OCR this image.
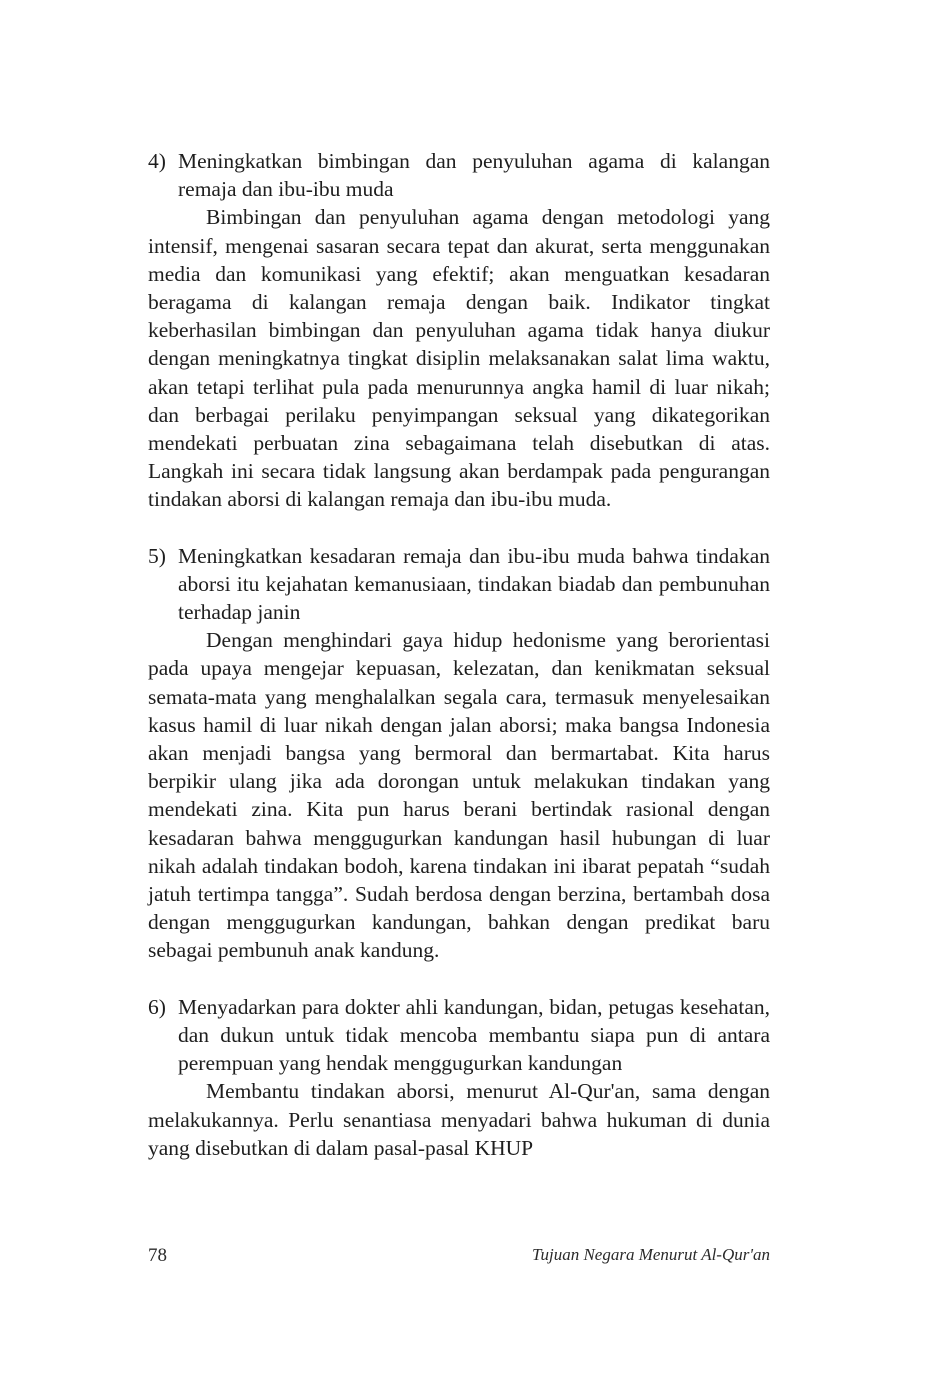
4) Meningkatkan bimbingan dan penyuluhan agama di kalangan remaja dan ibu-ibu muda

Bimbingan dan penyuluhan agama dengan metodologi yang intensif, mengenai sasaran secara tepat dan akurat, serta menggunakan media dan komunikasi yang efektif; akan menguatkan kesadaran beragama di kalangan remaja dengan baik. Indikator tingkat keberhasilan bimbingan dan penyuluhan agama tidak hanya diukur dengan meningkatnya tingkat disiplin melaksanakan salat lima waktu, akan tetapi terlihat pula pada menurunnya angka hamil di luar nikah; dan berbagai perilaku penyimpangan seksual yang dikategorikan mendekati perbuatan zina sebagaimana telah disebutkan di atas. Langkah ini secara tidak langsung akan berdampak pada pengurangan tindakan aborsi di kalangan remaja dan ibu-ibu muda.

5) Meningkatkan kesadaran remaja dan ibu-ibu muda bahwa tindakan aborsi itu kejahatan kemanusiaan, tindakan biadab dan pembunuhan terhadap janin

Dengan menghindari gaya hidup hedonisme yang berorientasi pada upaya mengejar kepuasan, kelezatan, dan kenikmatan seksual semata-mata yang menghalalkan segala cara, termasuk menyelesaikan kasus hamil di luar nikah dengan jalan aborsi; maka bangsa Indonesia akan menjadi bangsa yang bermoral dan bermartabat. Kita harus berpikir ulang jika ada dorongan untuk melakukan tindakan yang mendekati zina. Kita pun harus berani bertindak rasional dengan kesadaran bahwa menggugurkan kandungan hasil hubungan di luar nikah adalah tindakan bodoh, karena tindakan ini ibarat pepatah “sudah jatuh tertimpa tangga”. Sudah berdosa dengan berzina, bertambah dosa dengan menggugurkan kandungan, bahkan dengan predikat baru sebagai pembunuh anak kandung.

6) Menyadarkan para dokter ahli kandungan, bidan, petugas kesehatan, dan dukun untuk tidak mencoba membantu siapa pun di antara perempuan yang hendak menggugurkan kandungan

Membantu tindakan aborsi, menurut Al-Qur'an, sama dengan melakukannya. Perlu senantiasa menyadari bahwa hukuman di dunia yang disebutkan di dalam pasal-pasal KHUP

78	Tujuan Negara Menurut Al-Qur'an
